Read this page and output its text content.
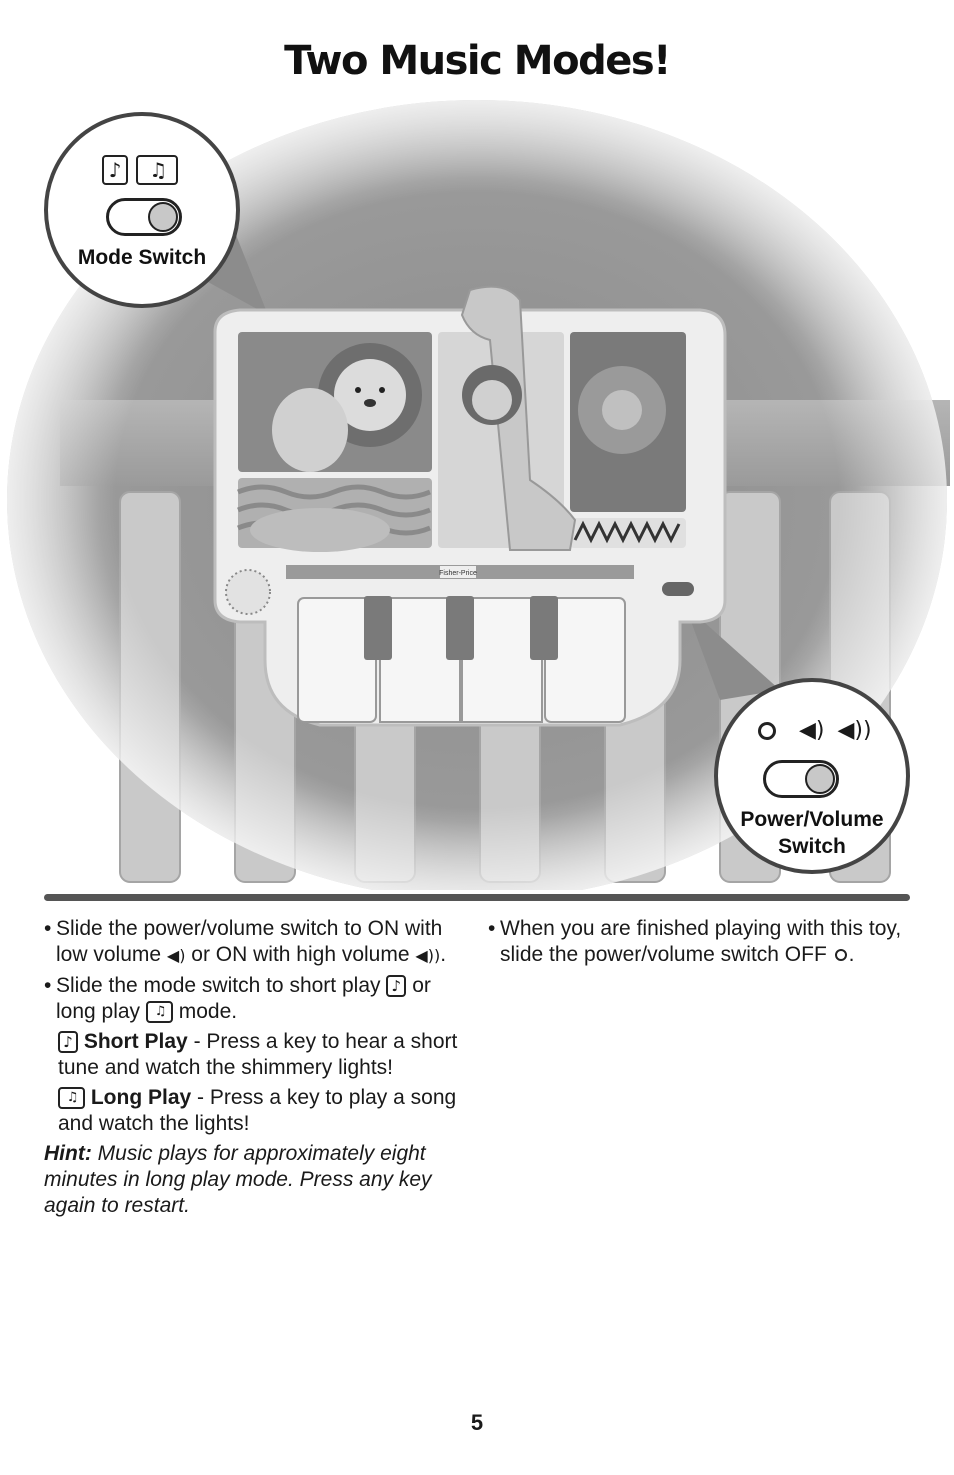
Two Music Modes!
Fisher-Price
♪ ♫
Mode Switch
◀) ◀))
Power/Volume
Switch
• Slide the power/volume switch to ON with low volume ◀) or ON with high volume ◀)).
• Slide the mode switch to short play ♪ or long play ♫ mode.
♪ Short Play - Press a key to hear a short tune and watch the shimmery lights!
♫ Long Play - Press a key to play a song and watch the lights!
Hint: Music plays for approximately eight minutes in long play mode. Press any key again to restart.
• When you are finished playing with this toy, slide the power/volume switch OFF .
5
